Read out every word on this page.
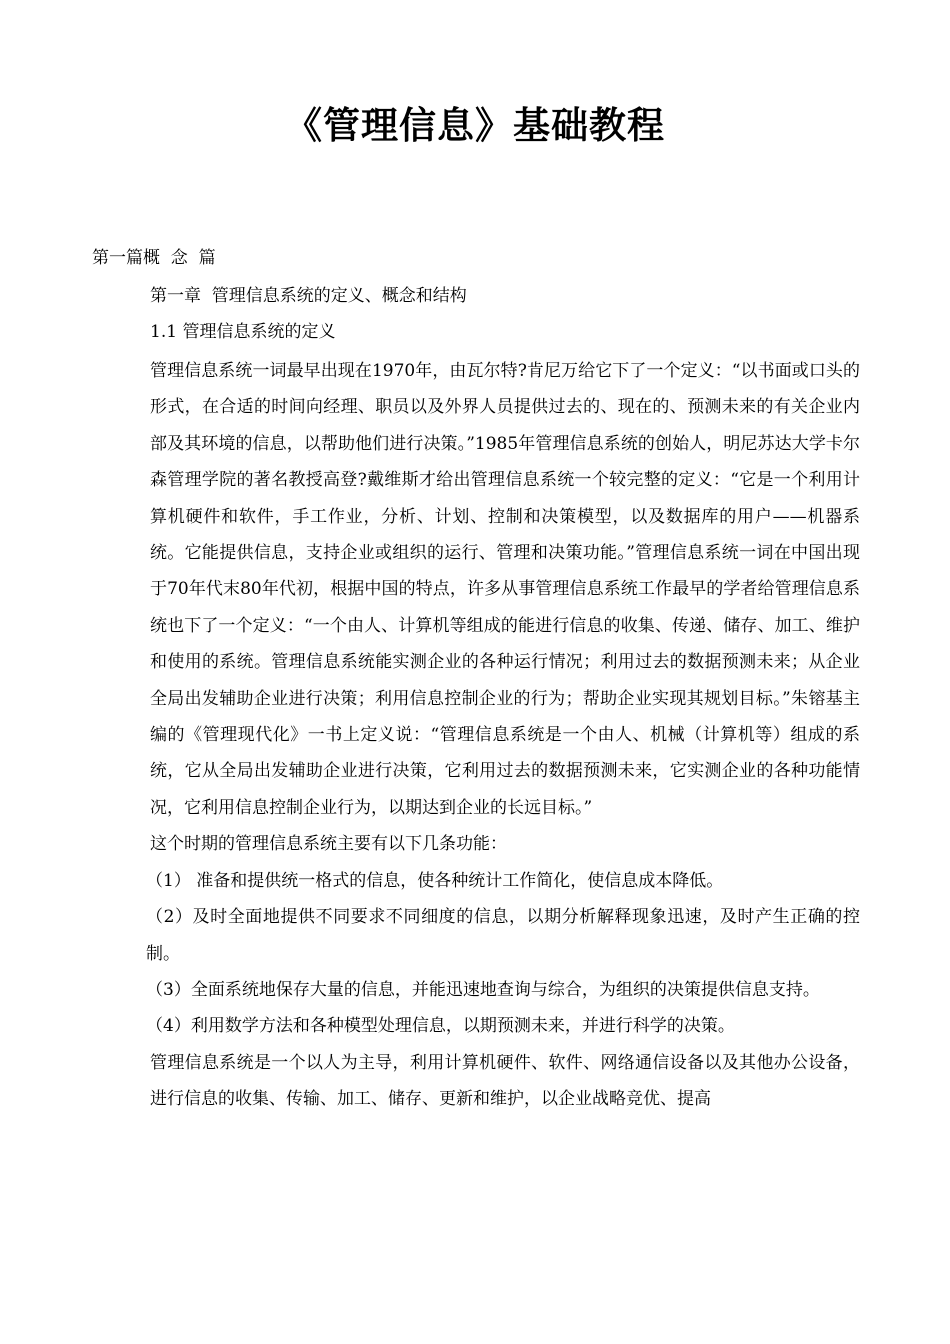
《管理信息》基础教程
第一篇概  念  篇

第一章  管理信息系统的定义、概念和结构

1.1 管理信息系统的定义

管理信息系统一词最早出现在1970年，由瓦尔特?肯尼万给它下了一个定义：“以书面或口头的形式，在合适的时间向经理、职员以及外界人员提供过去的、现在的、预测未来的有关企业内部及其环境的信息，以帮助他们进行决策。”1985年管理信息系统的创始人，明尼苏达大学卡尔森管理学院的著名教授高登?戴维斯才给出管理信息系统一个较完整的定义：“它是一个利用计算机硬件和软件，手工作业，分析、计划、控制和决策模型，以及数据库的用户——机器系统。它能提供信息，支持企业或组织的运行、管理和决策功能。”管理信息系统一词在中国出现于70年代末80年代初，根据中国的特点，许多从事管理信息系统工作最早的学者给管理信息系统也下了一个定义：“一个由人、计算机等组成的能进行信息的收集、传递、储存、加工、维护和使用的系统。管理信息系统能实测企业的各种运行情况；利用过去的数据预测未来；从企业全局出发辅助企业进行决策；利用信息控制企业的行为；帮助企业实现其规划目标。”朱镕基主编的《管理现代化》一书上定义说：“管理信息系统是一个由人、机械（计算机等）组成的系统，它从全局出发辅助企业进行决策，它利用过去的数据预测未来，它实测企业的各种功能情况，它利用信息控制企业行为，以期达到企业的长远目标。”

这个时期的管理信息系统主要有以下几条功能：

（1） 准备和提供统一格式的信息，使各种统计工作简化，使信息成本降低。

（2）及时全面地提供不同要求不同细度的信息，以期分析解释现象迅速，及时产生正确的控制。

（3）全面系统地保存大量的信息，并能迅速地查询与综合，为组织的决策提供信息支持。

（4）利用数学方法和各种模型处理信息，以期预测未来，并进行科学的决策。

管理信息系统是一个以人为主导，利用计算机硬件、软件、网络通信设备以及其他办公设备，进行信息的收集、传输、加工、储存、更新和维护，以企业战略竞优、提高
